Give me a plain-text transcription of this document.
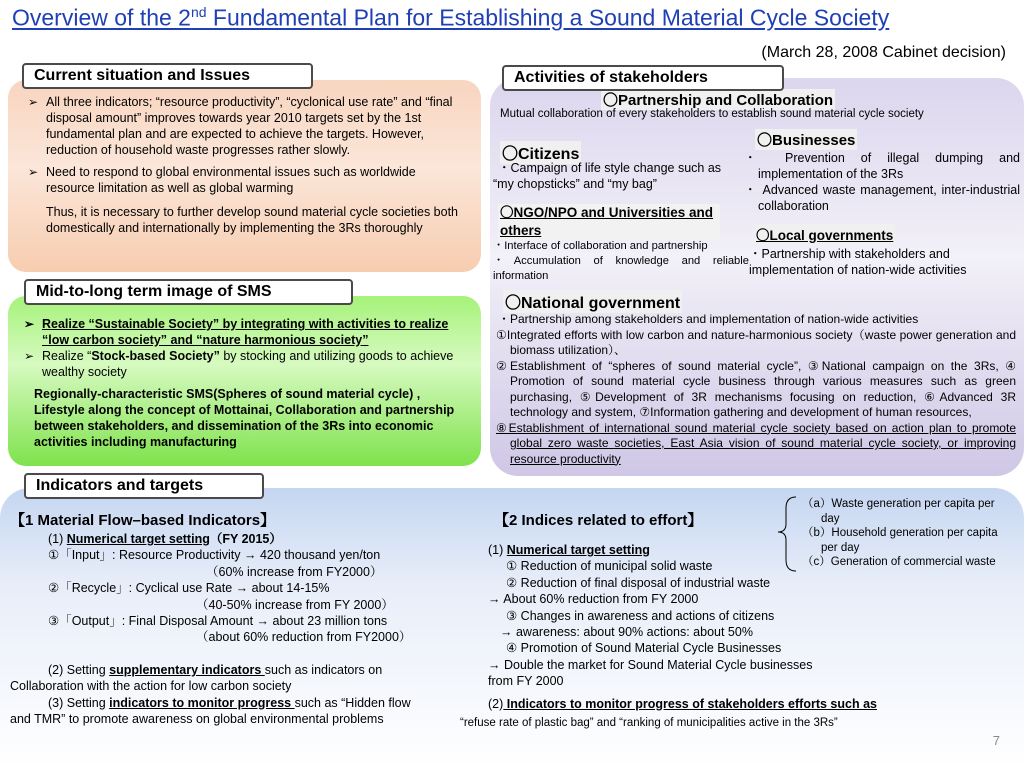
Overview of the 2nd Fundamental Plan for Establishing a Sound Material Cycle Society
(March 28, 2008 Cabinet decision)
Current situation and Issues
➢ All three indicators; “resource productivity”, “cyclonical use rate” and “final disposal amount” improves towards year 2010 targets set by the 1st fundamental plan and are expected to achieve the targets. However, reduction of household waste progresses rather slowly.
➢ Need to respond to global environmental issues such as worldwide resource limitation as well as global warming
Thus, it is necessary to further develop sound material cycle societies both domestically and internationally by implementing the 3Rs thoroughly
Mid-to-long term image of SMS
➢ Realize “Sustainable Society” by integrating with activities to realize “low carbon society” and “nature harmonious society”
➢ Realize “Stock-based Society” by stocking and utilizing goods to achieve wealthy society
Regionally-characteristic SMS(Spheres of sound material cycle) , Lifestyle along the concept of Mottainai, Collaboration and partnership between stakeholders, and dissemination of the 3Rs into economic activities including manufacturing
Activities of stakeholders
〇Partnership and Collaboration
Mutual collaboration of every stakeholders to establish sound material cycle society
〇Citizens
・Campaign of life style change such as “my chopsticks” and “my bag”
〇Businesses
・ Prevention of illegal dumping and implementation of the 3Rs
・ Advanced waste management, inter-industrial collaboration
〇NGO/NPO and Universities and others
・Interface of collaboration and partnership
・Accumulation of knowledge and reliable information
〇Local governments
・Partnership with stakeholders and implementation of nation-wide activities
〇National government
・Partnership among stakeholders and implementation of nation-wide activities
①Integrated efforts with low carbon and nature-harmonious society（waste power generation and biomass utilization）、
②Establishment of “spheres of sound material cycle”, ③National campaign on the 3Rs, ④ Promotion of sound material cycle business through various measures such as green purchasing, ⑤Development of 3R mechanisms focusing on reduction, ⑥Advanced 3R technology and system, ⑦Information gathering and development of human resources,
⑧Establishment of international sound material cycle society based on action plan to promote global zero waste societies, East Asia vision of sound material cycle society, or improving resource productivity
Indicators and targets
【1 Material Flow–based Indicators】
(1) Numerical target setting（FY 2015）
①「Input」: Resource Productivity → 420 thousand yen/ton
（60% increase from FY2000）
②「Recycle」: Cyclical use Rate → about 14-15%
（40-50% increase from FY 2000）
③「Output」: Final Disposal Amount → about 23 million tons
（about 60% reduction from FY2000）
(2) Setting supplementary indicators such as indicators on
Collaboration with the action for low carbon society
(3) Setting indicators to monitor progress such as “Hidden flow
and TMR” to promote awareness on global environmental problems
【2 Indices related to effort】
(1) Numerical target setting
① Reduction of municipal solid waste
② Reduction of final disposal of industrial waste
→ About 60% reduction from FY 2000
③ Changes in awareness and actions of citizens
→ awareness: about 90% actions: about 50%
④ Promotion of Sound Material Cycle Businesses
→ Double the market for Sound Material Cycle businesses
from FY 2000
(2) Indicators to monitor progress of stakeholders efforts such as
“refuse rate of plastic bag” and “ranking of municipalities active in the 3Rs”
（a）Waste generation per capita per day
（b）Household generation per capita per day
（c）Generation of commercial waste
7
